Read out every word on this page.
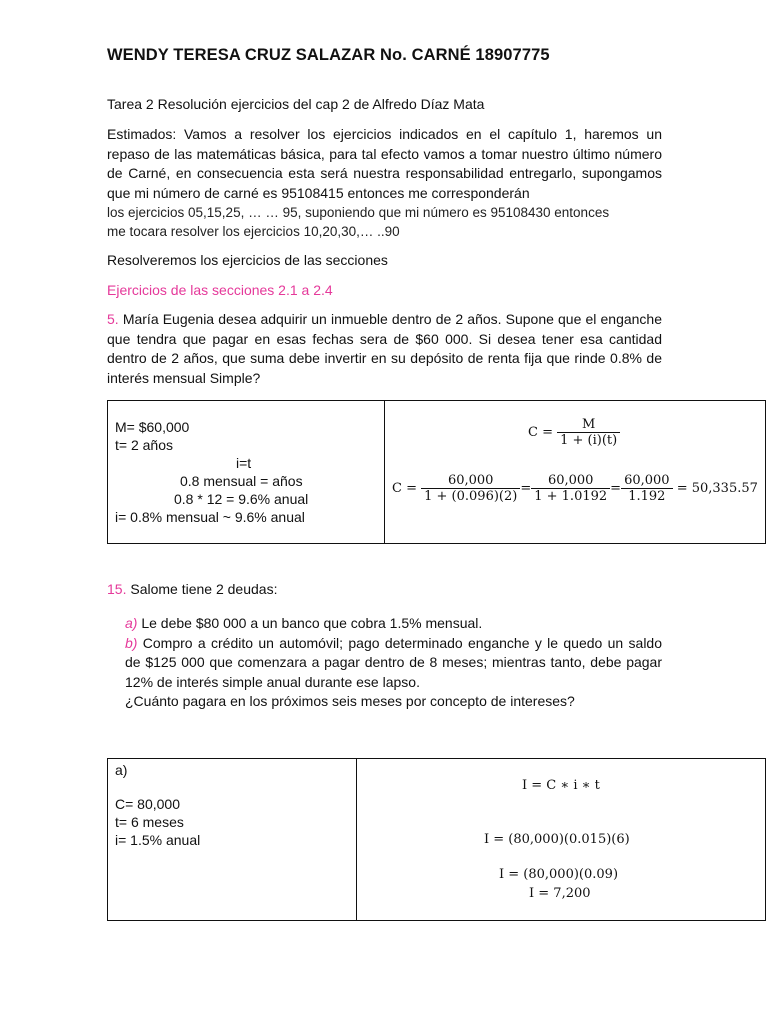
WENDY TERESA CRUZ SALAZAR No. CARNÉ 18907775
Tarea 2 Resolución ejercicios del cap 2 de Alfredo Díaz Mata
Estimados: Vamos a resolver los ejercicios indicados en el capítulo 1, haremos un repaso de las matemáticas básica, para tal efecto vamos a tomar nuestro último número de Carné, en consecuencia esta será nuestra responsabilidad entregarlo, supongamos que mi número de carné es 95108415 entonces me corresponderán
los ejercicios 05,15,25, … … 95, suponiendo que mi número es 95108430 entonces
me tocara resolver los ejercicios 10,20,30,… ..90
Resolveremos los ejercicios de las secciones
Ejercicios de las secciones 2.1 a 2.4
5. María Eugenia desea adquirir un inmueble dentro de 2 años. Supone que el enganche que tendra que pagar en esas fechas sera de $60 000. Si desea tener esa cantidad dentro de 2 años, que suma debe invertir en su depósito de renta fija que rinde 0.8% de interés mensual Simple?
M= $60,000
t= 2 años
i=t
0.8 mensual = años
0.8 * 12 = 9.6% anual
i= 0.8% mensual ~ 9.6% anual
$C = \frac{M}{1 + (i)(t)}$
$C = \frac{60,000}{1 + (0.096)(2)} = \frac{60,000}{1 + 1.0192} = \frac{60,000}{1.192} = 50,335.57$
15. Salome tiene 2 deudas:
a) Le debe $80 000 a un banco que cobra 1.5% mensual.
b) Compro a crédito un automóvil; pago determinado enganche y le quedo un saldo de $125 000 que comenzara a pagar dentro de 8 meses; mientras tanto, debe pagar 12% de interés simple anual durante ese lapso.
¿Cuánto pagara en los próximos seis meses por concepto de intereses?
a)
C= 80,000
t= 6 meses
i= 1.5% anual
I = C ∗ i ∗ t
I = (80,000)(0.015)(6)
I = (80,000)(0.09)
I = 7,200
